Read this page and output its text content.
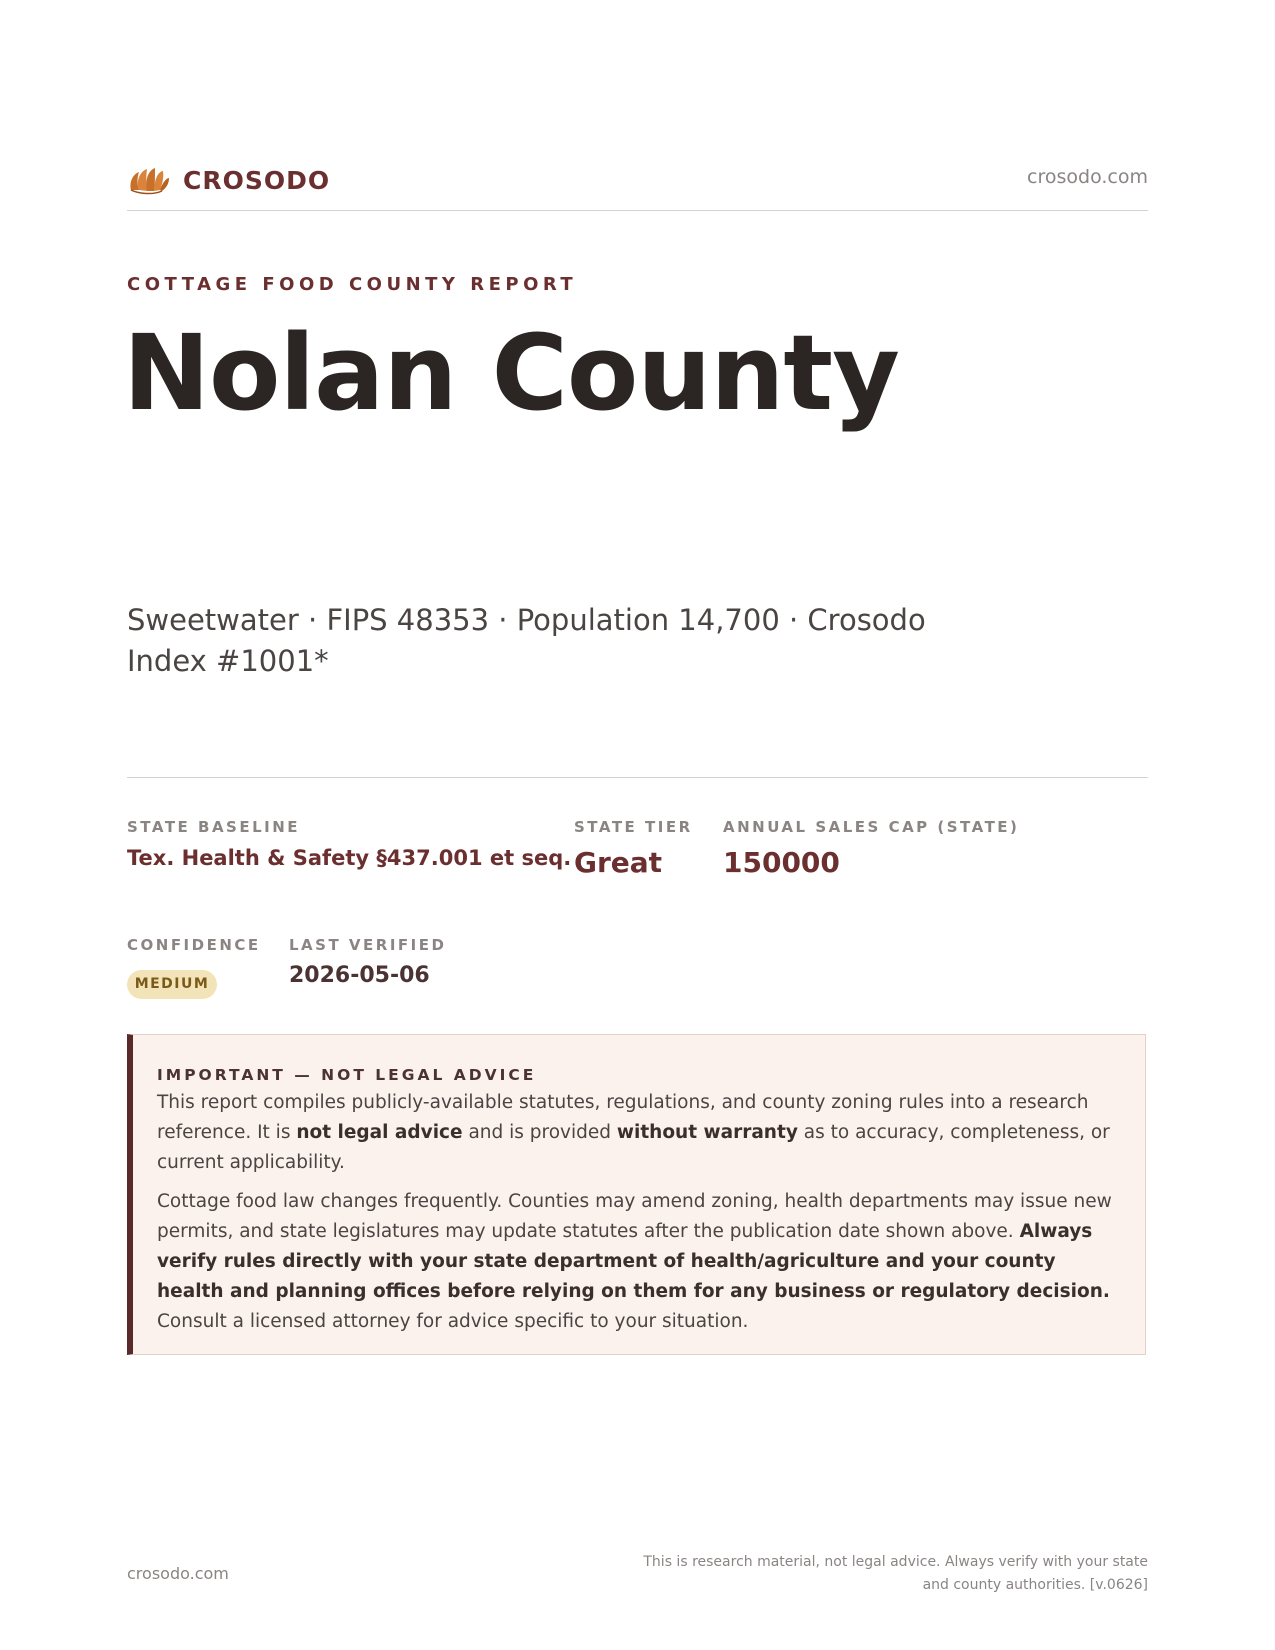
CROSODO	crosodo.com
COTTAGE FOOD COUNTY REPORT
Nolan County
Sweetwater · FIPS 48353 · Population 14,700 · Crosodo Index #1001*
STATE BASELINE
Tex. Health & Safety §437.001 et seq.
STATE TIER
Great
ANNUAL SALES CAP (STATE)
150000
CONFIDENCE
MEDIUM
LAST VERIFIED
2026-05-06
IMPORTANT — NOT LEGAL ADVICE

This report compiles publicly-available statutes, regulations, and county zoning rules into a research reference. It is not legal advice and is provided without warranty as to accuracy, completeness, or current applicability.

Cottage food law changes frequently. Counties may amend zoning, health departments may issue new permits, and state legislatures may update statutes after the publication date shown above. Always verify rules directly with your state department of health/agriculture and your county health and planning offices before relying on them for any business or regulatory decision. Consult a licensed attorney for advice specific to your situation.

crosodo.com
This is research material, not legal advice. Always verify with your state and county authorities. [v.0626]
